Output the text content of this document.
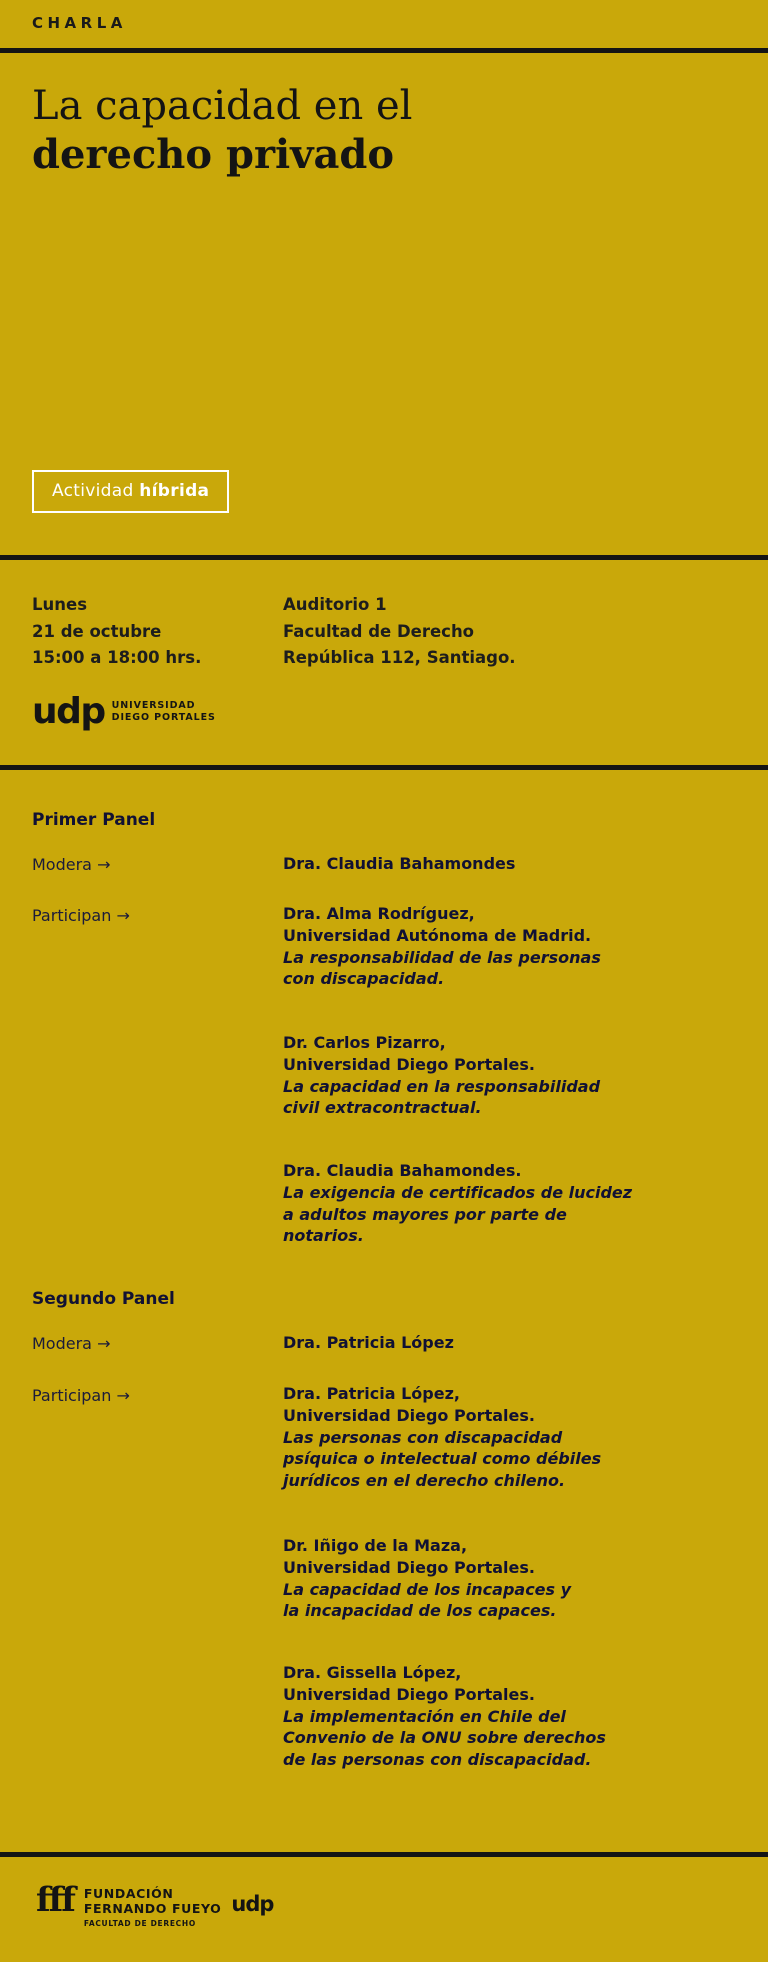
CHARLA
La capacidad en el
derecho privado
Actividad híbrida
Lunes
21 de octubre
15:00 a 18:00 hrs.
Auditorio 1
Facultad de Derecho
República 112, Santiago.
udp UNIVERSIDAD
DIEGO PORTALES
Primer Panel
Modera →	Dra. Claudia Bahamondes
Participan →	Dra. Alma Rodríguez,
Universidad Autónoma de Madrid.
La responsabilidad de las personas
con discapacidad.
Dr. Carlos Pizarro,
Universidad Diego Portales.
La capacidad en la responsabilidad
civil extracontractual.
Dra. Claudia Bahamondes.
La exigencia de certificados de lucidez
a adultos mayores por parte de
notarios.
Segundo Panel
Modera →	Dra. Patricia López
Participan →	Dra. Patricia López,
Universidad Diego Portales.
Las personas con discapacidad
psíquica o intelectual como débiles
jurídicos en el derecho chileno.
Dr. Iñigo de la Maza,
Universidad Diego Portales.
La capacidad de los incapaces y
la incapacidad de los capaces.
Dra. Gissella López,
Universidad Diego Portales.
La implementación en Chile del
Convenio de la ONU sobre derechos
de las personas con discapacidad.
fff FUNDACIÓN
FERNANDO FUEYO
FACULTAD DE DERECHO
udp
